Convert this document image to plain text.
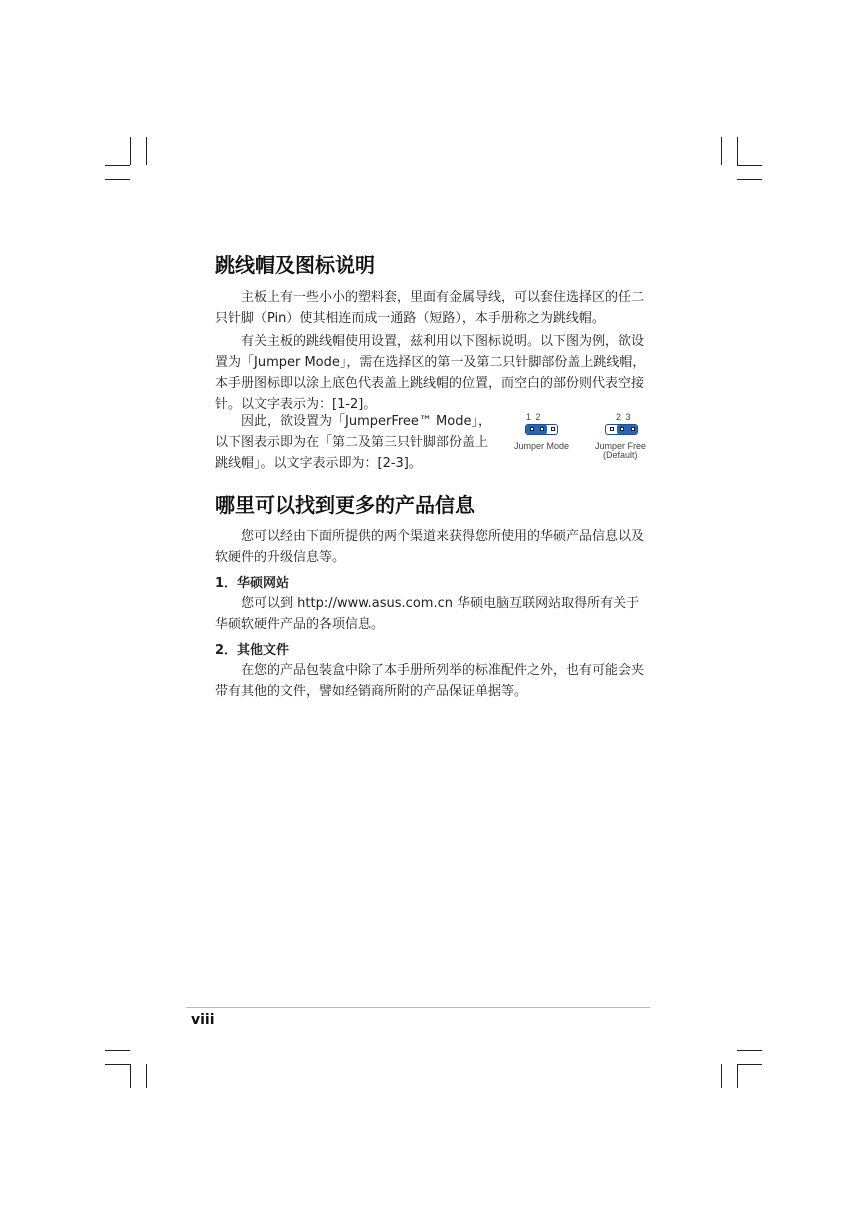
跳线帽及图标说明

主板上有一些小小的塑料套，里面有金属导线，可以套住选择区的任二只针脚（Pin）使其相连而成一通路（短路），本手册称之为跳线帽。

有关主板的跳线帽使用设置，兹利用以下图标说明。以下图为例，欲设置为「Jumper Mode」，需在选择区的第一及第二只针脚部份盖上跳线帽，本手册图标即以涂上底色代表盖上跳线帽的位置，而空白的部份则代表空接针。以文字表示为：[1-2]。

因此，欲设置为「JumperFree™ Mode」，以下图表示即为在「第二及第三只针脚部份盖上跳线帽」。以文字表示即为：[2-3]。

1 2
Jumper Mode
2 3
Jumper Free
(Default)
哪里可以找到更多的产品信息

您可以经由下面所提供的两个渠道来获得您所使用的华硕产品信息以及软硬件的升级信息等。

1．华硕网站

您可以到 http://www.asus.com.cn 华硕电脑互联网站取得所有关于华硕软硬件产品的各项信息。

2．其他文件

在您的产品包装盒中除了本手册所列举的标准配件之外，也有可能会夹带有其他的文件，譬如经销商所附的产品保证单据等。

viii
